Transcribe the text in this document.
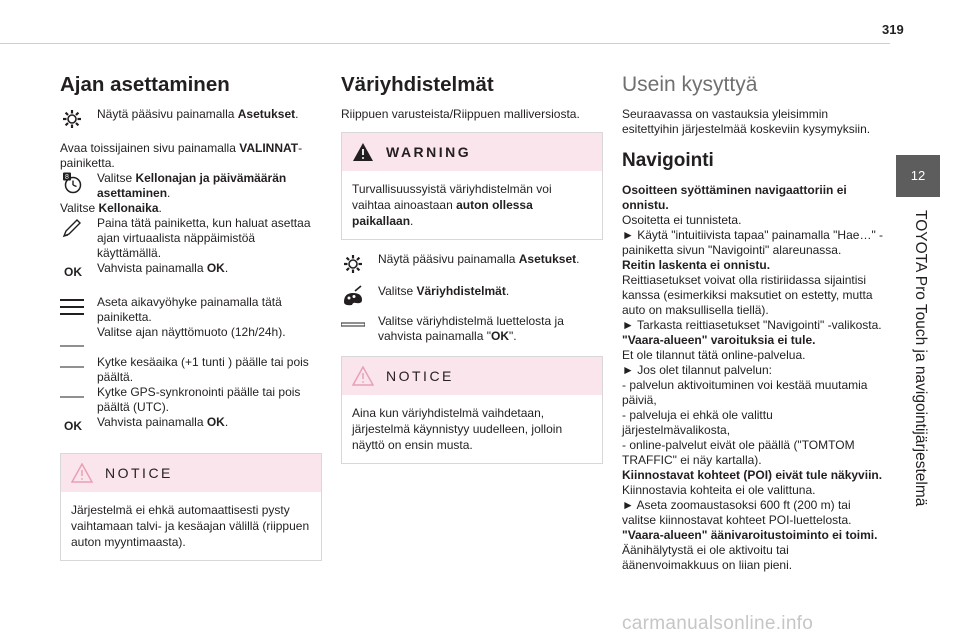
319
12
TOYOTA Pro Touch ja navigointijärjestelmä
Ajan asettaminen
Näytä pääsivu painamalla Asetukset.

Avaa toissijainen sivu painamalla VALINNAT-painiketta.

8 Valitse Kellonajan ja päivämäärän asettaminen.

Valitse Kellonaika.

Paina tätä painiketta, kun haluat asettaa ajan virtuaalista näppäimistöä käyttämällä.
OK Vahvista painamalla OK.
Aseta aikavyöhyke painamalla tätä painiketta.
Valitse ajan näyttömuoto (12h/24h).
Kytke kesäaika (+1 tunti ) päälle tai pois päältä.
Kytke GPS-synkronointi päälle tai pois päältä (UTC).
OK Vahvista painamalla OK.
NOTICE
Järjestelmä ei ehkä automaattisesti pysty vaihtamaan talvi- ja kesäajan välillä (riippuen auton myyntimaasta).
Väriyhdistelmät

Riippuen varusteista/Riippuen malliversiosta.

WARNING
Turvallisuussyistä väriyhdistelmän voi vaihtaa ainoastaan auton ollessa paikallaan.
Näytä pääsivu painamalla Asetukset.
Valitse Väriyhdistelmät.
Valitse väriyhdistelmä luettelosta ja vahvista painamalla "OK".
NOTICE
Aina kun väriyhdistelmä vaihdetaan, järjestelmä käynnistyy uudelleen, jolloin näyttö on ensin musta.
Usein kysyttyä

Seuraavassa on vastauksia yleisimmin esitettyihin järjestelmää koskeviin kysymyksiin.

Navigointi

Osoitteen syöttäminen navigaattoriin ei onnistu.

Osoitetta ei tunnisteta.

► Käytä "intuitiivista tapaa" painamalla "Hae…" -painiketta sivun "Navigointi" alareunassa.

Reitin laskenta ei onnistu.

Reittiasetukset voivat olla ristiriidassa sijaintisi kanssa (esimerkiksi maksutiet on estetty, mutta auto on maksullisella tiellä).

► Tarkasta reittiasetukset "Navigointi" -valikosta.

"Vaara-alueen" varoituksia ei tule.

Et ole tilannut tätä online-palvelua.

► Jos olet tilannut palvelun:

- palvelun aktivoituminen voi kestää muutamia päiviä,

- palveluja ei ehkä ole valittu järjestelmävalikosta,

- online-palvelut eivät ole päällä ("TOMTOM TRAFFIC" ei näy kartalla).

Kiinnostavat kohteet (POI) eivät tule näkyviin.

Kiinnostavia kohteita ei ole valittuna.

► Aseta zoomaustasoksi 600 ft (200 m) tai valitse kiinnostavat kohteet POI-luettelosta.

"Vaara-alueen" äänivaroitustoiminto ei toimi.

Äänihälytystä ei ole aktivoitu tai äänenvoimakkuus on liian pieni.

carmanualsonline.info
